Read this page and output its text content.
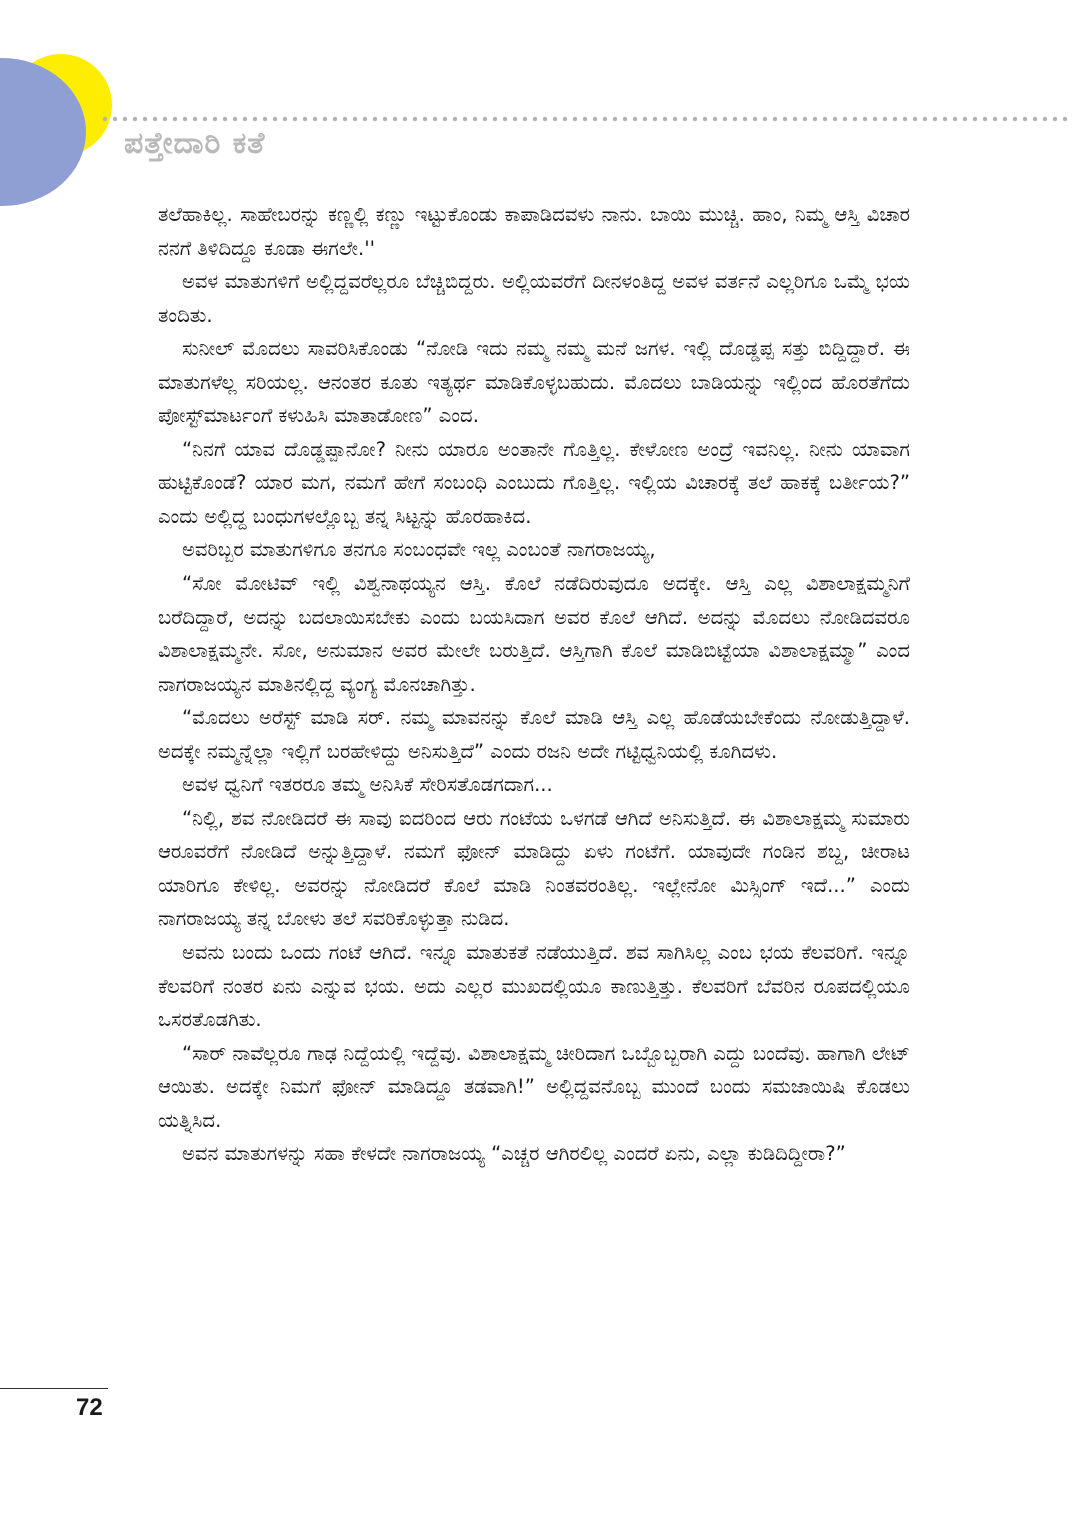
ಪತ್ತೇದಾರಿ ಕತೆ

ತಲೆಹಾಕಿಲ್ಲ. ಸಾಹೇಬರನ್ನು ಕಣ್ಣಲ್ಲಿ ಕಣ್ಣು ಇಟ್ಟುಕೊಂಡು ಕಾಪಾಡಿದವಳು ನಾನು. ಬಾಯಿ ಮುಚ್ಚಿ. ಹಾಂ, ನಿಮ್ಮ ಆಸ್ತಿ ವಿಚಾರ ನನಗೆ ತಿಳಿದಿದ್ದೂ ಕೂಡಾ ಈಗಲೇ.''

ಅವಳ ಮಾತುಗಳಿಗೆ ಅಲ್ಲಿದ್ದವರೆಲ್ಲರೂ ಬೆಚ್ಚಿಬಿದ್ದರು. ಅಲ್ಲಿಯವರೆಗೆ ದೀನಳಂತಿದ್ದ ಅವಳ ವರ್ತನೆ ಎಲ್ಲರಿಗೂ ಒಮ್ಮೆ ಭಯ ತಂದಿತು.

ಸುನೀಲ್ ಮೊದಲು ಸಾವರಿಸಿಕೊಂಡು “ನೋಡಿ ಇದು ನಮ್ಮ ನಮ್ಮ ಮನೆ ಜಗಳ. ಇಲ್ಲಿ ದೊಡ್ಡಪ್ಪ ಸತ್ತು ಬಿದ್ದಿದ್ದಾರೆ. ಈ ಮಾತುಗಳೆಲ್ಲ ಸರಿಯಲ್ಲ. ಆನಂತರ ಕೂತು ಇತ್ಯರ್ಥ ಮಾಡಿಕೊಳ್ಳಬಹುದು. ಮೊದಲು ಬಾಡಿಯನ್ನು ಇಲ್ಲಿಂದ ಹೊರತೆಗೆದು ಪೋಸ್ಟ್‌ಮಾರ್ಟಂಗೆ ಕಳುಹಿಸಿ ಮಾತಾಡೋಣ” ಎಂದ.

“ನಿನಗೆ ಯಾವ ದೊಡ್ಡಪ್ಪಾನೋ? ನೀನು ಯಾರೂ ಅಂತಾನೇ ಗೊತ್ತಿಲ್ಲ. ಕೇಳೋಣ ಅಂದ್ರೆ ಇವನಿಲ್ಲ. ನೀನು ಯಾವಾಗ ಹುಟ್ಟಿಕೊಂಡೆ? ಯಾರ ಮಗ, ನಮಗೆ ಹೇಗೆ ಸಂಬಂಧಿ ಎಂಬುದು ಗೊತ್ತಿಲ್ಲ. ಇಲ್ಲಿಯ ವಿಚಾರಕ್ಕೆ ತಲೆ ಹಾಕಕ್ಕೆ ಬರ್ತೀಯ?” ಎಂದು ಅಲ್ಲಿದ್ದ ಬಂಧುಗಳಲ್ಲೊಬ್ಬ ತನ್ನ ಸಿಟ್ಟನ್ನು ಹೊರಹಾಕಿದ.

ಅವರಿಬ್ಬರ ಮಾತುಗಳಿಗೂ ತನಗೂ ಸಂಬಂಧವೇ ಇಲ್ಲ ಎಂಬಂತೆ ನಾಗರಾಜಯ್ಯ,

“ಸೋ ಮೋಟಿವ್ ಇಲ್ಲಿ ವಿಶ್ವನಾಥಯ್ಯನ ಆಸ್ತಿ. ಕೊಲೆ ನಡೆದಿರುವುದೂ ಅದಕ್ಕೇ. ಆಸ್ತಿ ಎಲ್ಲ ವಿಶಾಲಾಕ್ಷಮ್ಮನಿಗೆ ಬರೆದಿದ್ದಾರೆ, ಅದನ್ನು ಬದಲಾಯಿಸಬೇಕು ಎಂದು ಬಯಸಿದಾಗ ಅವರ ಕೊಲೆ ಆಗಿದೆ. ಅದನ್ನು ಮೊದಲು ನೋಡಿದವರೂ ವಿಶಾಲಾಕ್ಷಮ್ಮನೇ. ಸೋ, ಅನುಮಾನ ಅವರ ಮೇಲೇ ಬರುತ್ತಿದೆ. ಆಸ್ತಿಗಾಗಿ ಕೊಲೆ ಮಾಡಿಬಿಟ್ಟೆಯಾ ವಿಶಾಲಾಕ್ಷಮ್ಮಾ” ಎಂದ ನಾಗರಾಜಯ್ಯನ ಮಾತಿನಲ್ಲಿದ್ದ ವ್ಯಂಗ್ಯ ಮೊನಚಾಗಿತ್ತು.

“ಮೊದಲು ಅರೆಸ್ಟ್ ಮಾಡಿ ಸರ್. ನಮ್ಮ ಮಾವನನ್ನು ಕೊಲೆ ಮಾಡಿ ಆಸ್ತಿ ಎಲ್ಲ ಹೊಡೆಯಬೇಕೆಂದು ನೋಡುತ್ತಿದ್ದಾಳೆ. ಅದಕ್ಕೇ ನಮ್ಮನ್ನೆಲ್ಲಾ ಇಲ್ಲಿಗೆ ಬರಹೇಳಿದ್ದು ಅನಿಸುತ್ತಿದೆ” ಎಂದು ರಜನಿ ಅದೇ ಗಟ್ಟಿಧ್ವನಿಯಲ್ಲಿ ಕೂಗಿದಳು.

ಅವಳ ಧ್ವನಿಗೆ ಇತರರೂ ತಮ್ಮ ಅನಿಸಿಕೆ ಸೇರಿಸತೊಡಗದಾಗ...

“ನಿಲ್ಲಿ, ಶವ ನೋಡಿದರೆ ಈ ಸಾವು ಐದರಿಂದ ಆರು ಗಂಟೆಯ ಒಳಗಡೆ ಆಗಿದೆ ಅನಿಸುತ್ತಿದೆ. ಈ ವಿಶಾಲಾಕ್ಷಮ್ಮ ಸುಮಾರು ಆರೂವರೆಗೆ ನೋಡಿದೆ ಅನ್ನುತ್ತಿದ್ದಾಳೆ. ನಮಗೆ ಫೋನ್ ಮಾಡಿದ್ದು ಏಳು ಗಂಟೆಗೆ. ಯಾವುದೇ ಗಂಡಿನ ಶಬ್ದ, ಚೀರಾಟ ಯಾರಿಗೂ ಕೇಳಿಲ್ಲ. ಅವರನ್ನು ನೋಡಿದರೆ ಕೊಲೆ ಮಾಡಿ ನಿಂತವರಂತಿಲ್ಲ. ಇಲ್ಲೇನೋ ಮಿಸ್ಸಿಂಗ್ ಇದೆ...” ಎಂದು ನಾಗರಾಜಯ್ಯ ತನ್ನ ಬೋಳು ತಲೆ ಸವರಿಕೊಳ್ಳುತ್ತಾ ನುಡಿದ.

ಅವನು ಬಂದು ಒಂದು ಗಂಟೆ ಆಗಿದೆ. ಇನ್ನೂ ಮಾತುಕತೆ ನಡೆಯುತ್ತಿದೆ. ಶವ ಸಾಗಿಸಿಲ್ಲ ಎಂಬ ಭಯ ಕೆಲವರಿಗೆ. ಇನ್ನೂ ಕೆಲವರಿಗೆ ನಂತರ ಏನು ಎನ್ನುವ ಭಯ. ಅದು ಎಲ್ಲರ ಮುಖದಲ್ಲಿಯೂ ಕಾಣುತ್ತಿತ್ತು. ಕೆಲವರಿಗೆ ಬೆವರಿನ ರೂಪದಲ್ಲಿಯೂ ಒಸರತೊಡಗಿತು.

“ಸಾರ್ ನಾವೆಲ್ಲರೂ ಗಾಢ ನಿದ್ದೆಯಲ್ಲಿ ಇದ್ದೆವು. ವಿಶಾಲಾಕ್ಷಮ್ಮ ಚೀರಿದಾಗ ಒಬ್ಬೊಬ್ಬರಾಗಿ ಎದ್ದು ಬಂದೆವು. ಹಾಗಾಗಿ ಲೇಟ್ ಆಯಿತು. ಅದಕ್ಕೇ ನಿಮಗೆ ಫೋನ್ ಮಾಡಿದ್ದೂ ತಡವಾಗಿ!” ಅಲ್ಲಿದ್ದವನೊಬ್ಬ ಮುಂದೆ ಬಂದು ಸಮಜಾಯಿಷಿ ಕೊಡಲು ಯತ್ನಿಸಿದ.

ಅವನ ಮಾತುಗಳನ್ನು ಸಹಾ ಕೇಳದೇ ನಾಗರಾಜಯ್ಯ “ಎಚ್ಚರ ಆಗಿರಲಿಲ್ಲ ಎಂದರೆ ಏನು, ಎಲ್ಲಾ ಕುಡಿದಿದ್ದೀರಾ?”

72
